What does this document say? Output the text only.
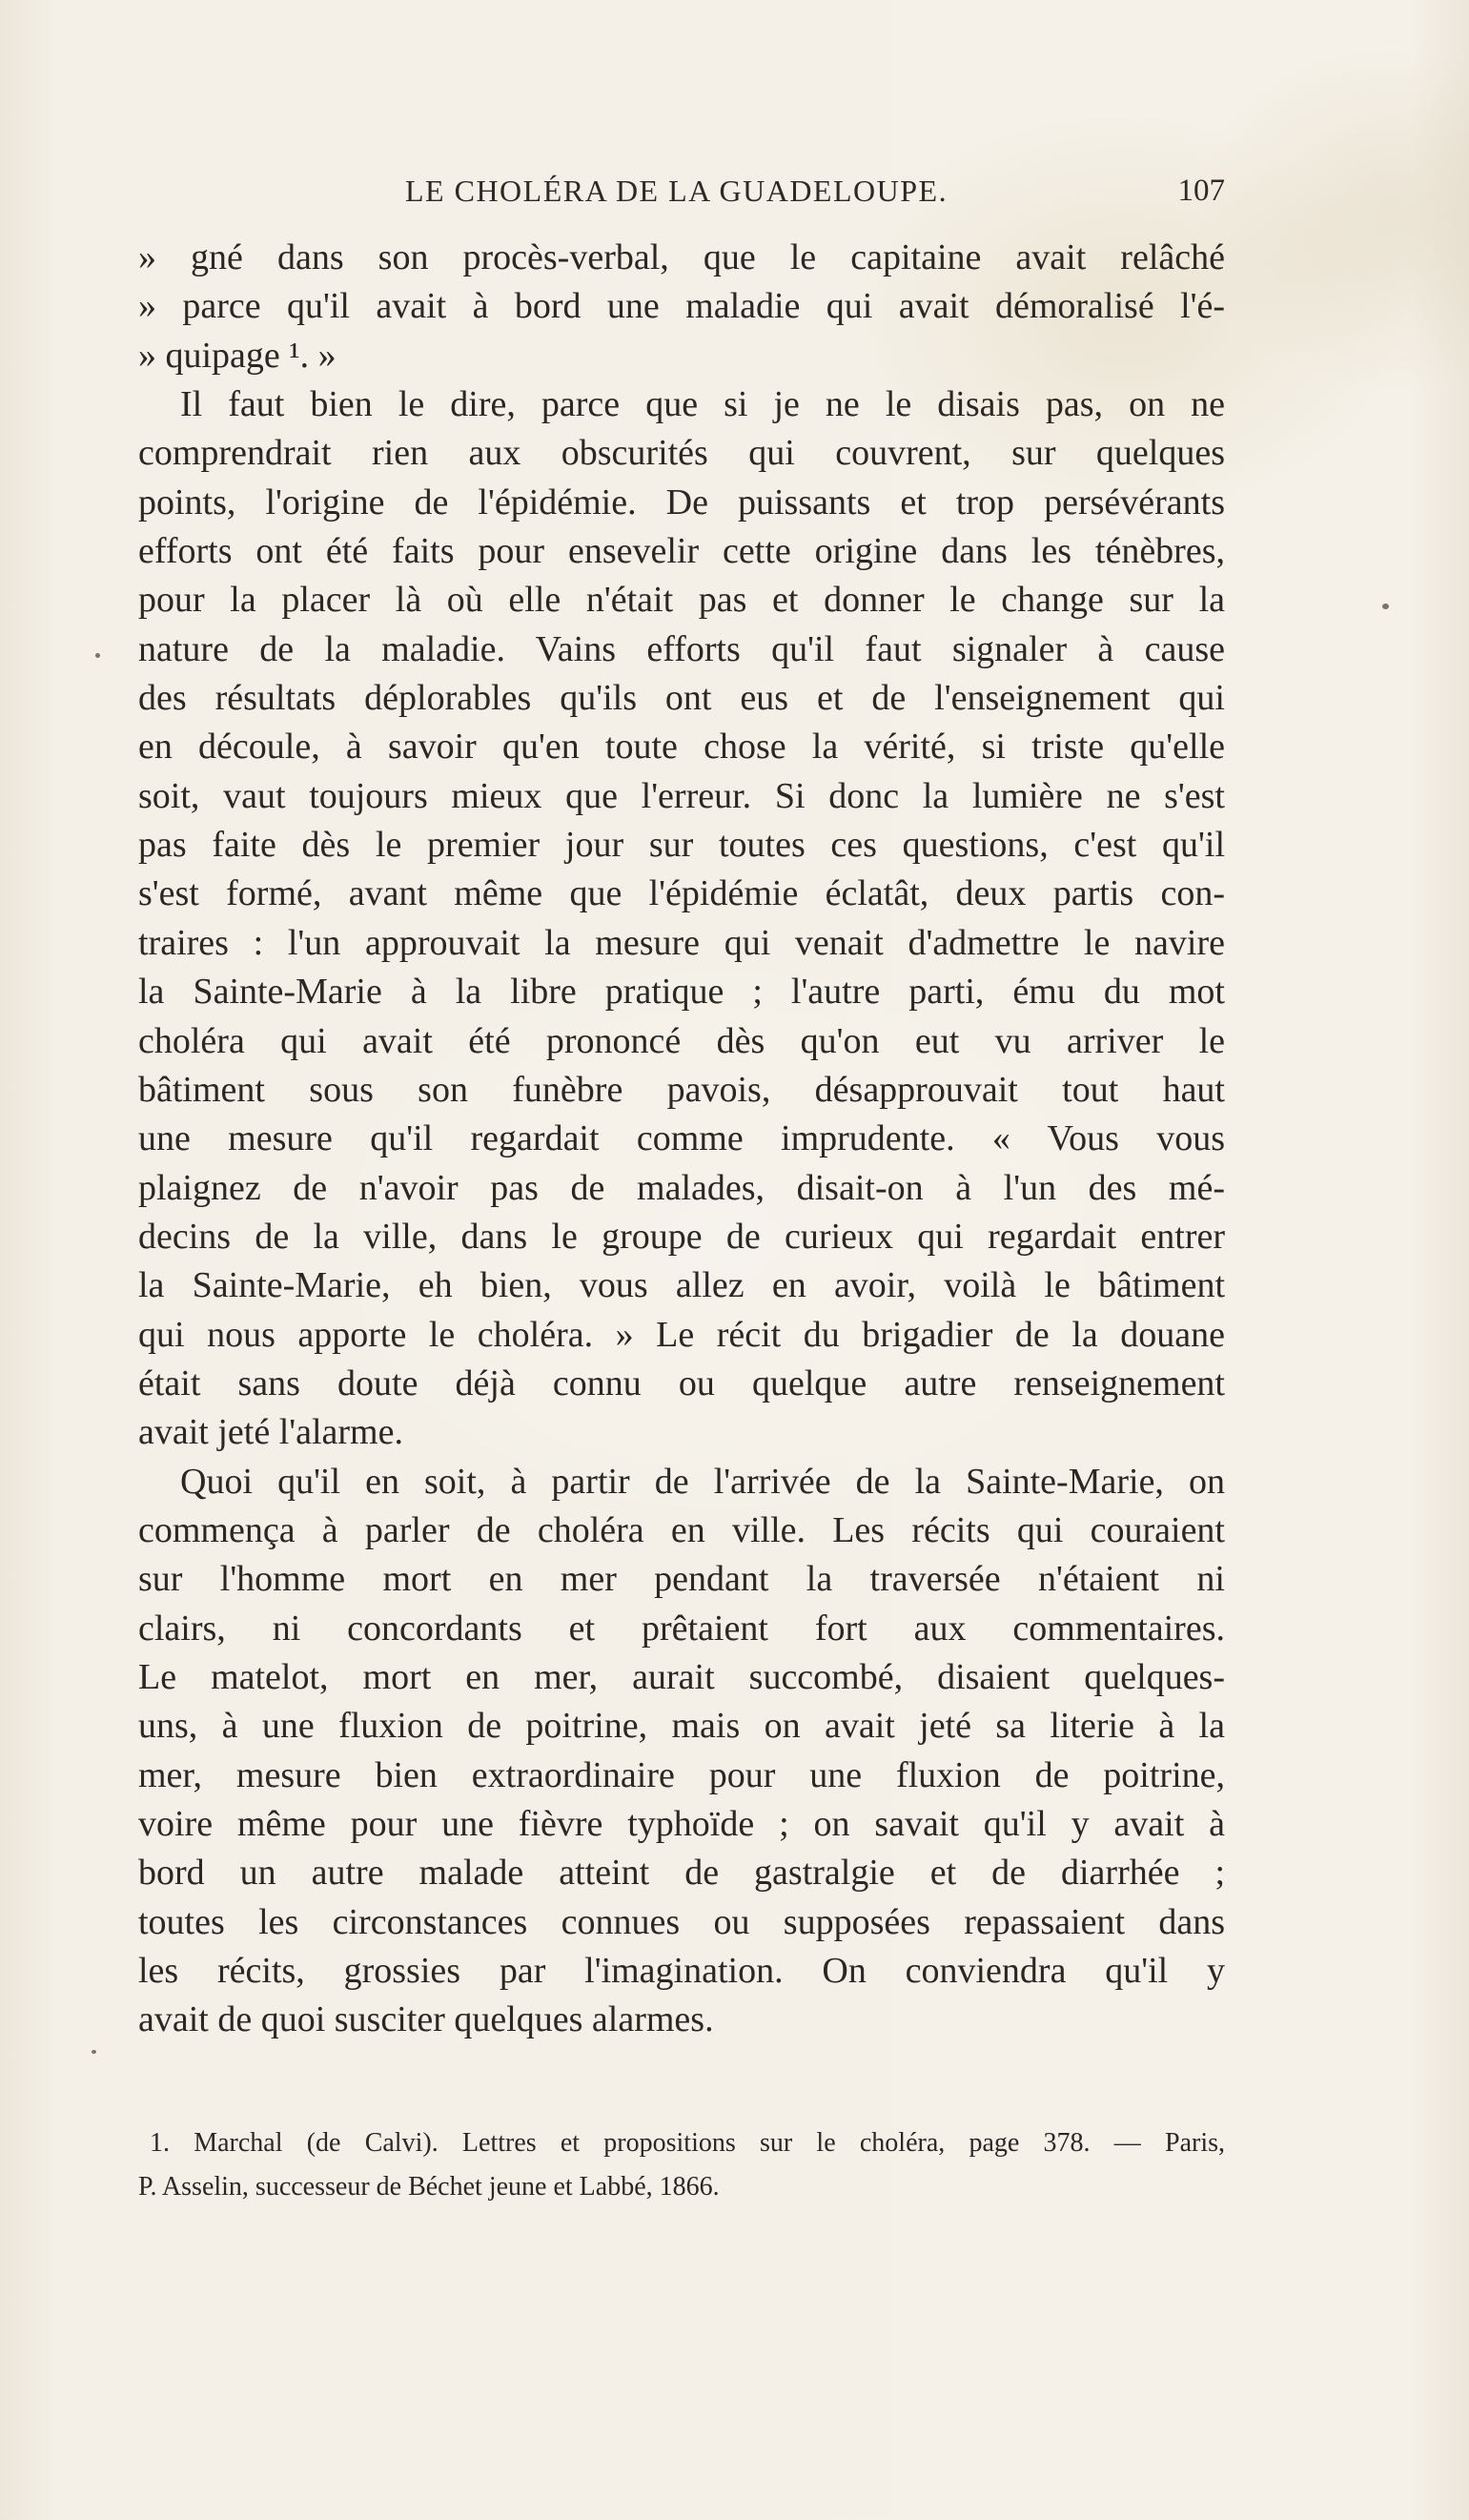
LE CHOLÉRA DE LA GUADELOUPE.	107
» gné dans son procès-verbal, que le capitaine avait relâché
» parce qu'il avait à bord une maladie qui avait démoralisé l'é-
» quipage ¹. »
Il faut bien le dire, parce que si je ne le disais pas, on ne
comprendrait rien aux obscurités qui couvrent, sur quelques
points, l'origine de l'épidémie. De puissants et trop persévérants
efforts ont été faits pour ensevelir cette origine dans les ténèbres,
pour la placer là où elle n'était pas et donner le change sur la
nature de la maladie. Vains efforts qu'il faut signaler à cause
des résultats déplorables qu'ils ont eus et de l'enseignement qui
en découle, à savoir qu'en toute chose la vérité, si triste qu'elle
soit, vaut toujours mieux que l'erreur. Si donc la lumière ne s'est
pas faite dès le premier jour sur toutes ces questions, c'est qu'il
s'est formé, avant même que l'épidémie éclatât, deux partis con-
traires : l'un approuvait la mesure qui venait d'admettre le navire
la Sainte-Marie à la libre pratique ; l'autre parti, ému du mot
choléra qui avait été prononcé dès qu'on eut vu arriver le
bâtiment sous son funèbre pavois, désapprouvait tout haut
une mesure qu'il regardait comme imprudente. « Vous vous
plaignez de n'avoir pas de malades, disait-on à l'un des mé-
decins de la ville, dans le groupe de curieux qui regardait entrer
la Sainte-Marie, eh bien, vous allez en avoir, voilà le bâtiment
qui nous apporte le choléra. » Le récit du brigadier de la douane
était sans doute déjà connu ou quelque autre renseignement
avait jeté l'alarme.
Quoi qu'il en soit, à partir de l'arrivée de la Sainte-Marie, on
commença à parler de choléra en ville. Les récits qui couraient
sur l'homme mort en mer pendant la traversée n'étaient ni
clairs, ni concordants et prêtaient fort aux commentaires.
Le matelot, mort en mer, aurait succombé, disaient quelques-
uns, à une fluxion de poitrine, mais on avait jeté sa literie à la
mer, mesure bien extraordinaire pour une fluxion de poitrine,
voire même pour une fièvre typhoïde ; on savait qu'il y avait à
bord un autre malade atteint de gastralgie et de diarrhée ;
toutes les circonstances connues ou supposées repassaient dans
les récits, grossies par l'imagination. On conviendra qu'il y
avait de quoi susciter quelques alarmes.
1. Marchal (de Calvi). Lettres et propositions sur le choléra, page 378. — Paris,
P. Asselin, successeur de Béchet jeune et Labbé, 1866.
